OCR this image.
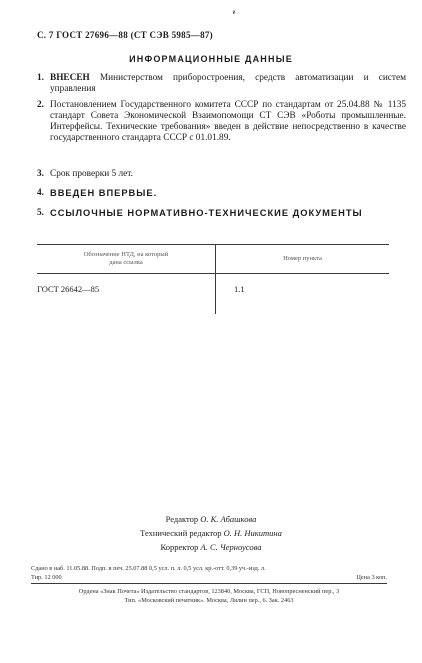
𝓇
С. 7 ГОСТ 27696—88 (СТ СЭВ 5985—87)
ИНФОРМАЦИОННЫЕ ДАННЫЕ
1. ВНЕСЕН Министерством приборостроения, средств автоматизации и систем управления
2. Постановлением Государственного комитета СССР по стандартам от 25.04.88 № 1135 стандарт Совета Экономической Взаимопомощи СТ СЭВ «Роботы промышленные. Интерфейсы. Технические требования» введен в действие непосредственно в качестве государственного стандарта СССР с 01.01.89.
3. Срок проверки 5 лет.
4. ВВЕДЕН ВПЕРВЫЕ.
5. ССЫЛОЧНЫЕ НОРМАТИВНО-ТЕХНИЧЕСКИЕ ДОКУМЕНТЫ
Обозначение НТД, на который
дана ссылка
Номер пункта
ГОСТ 26642—85	1.1
Редактор О. К. Абашкова
Технический редактор О. Н. Никитина
Корректор А. С. Черноусова
Сдано в наб. 11.05.88. Подп. в печ. 25.07.88 0,5 усл. п. л. 0,5 усл. кр.-отт. 0,39 уч.-изд. л.
Тир. 12 000	Цена 3 коп.
Ордена «Знак Почета» Издательство стандартов, 123840, Москва, ГСП, Новопресненский пер., 3
Тип. «Московский печатник». Москва, Лялин пер., 6. Зак. 2463
